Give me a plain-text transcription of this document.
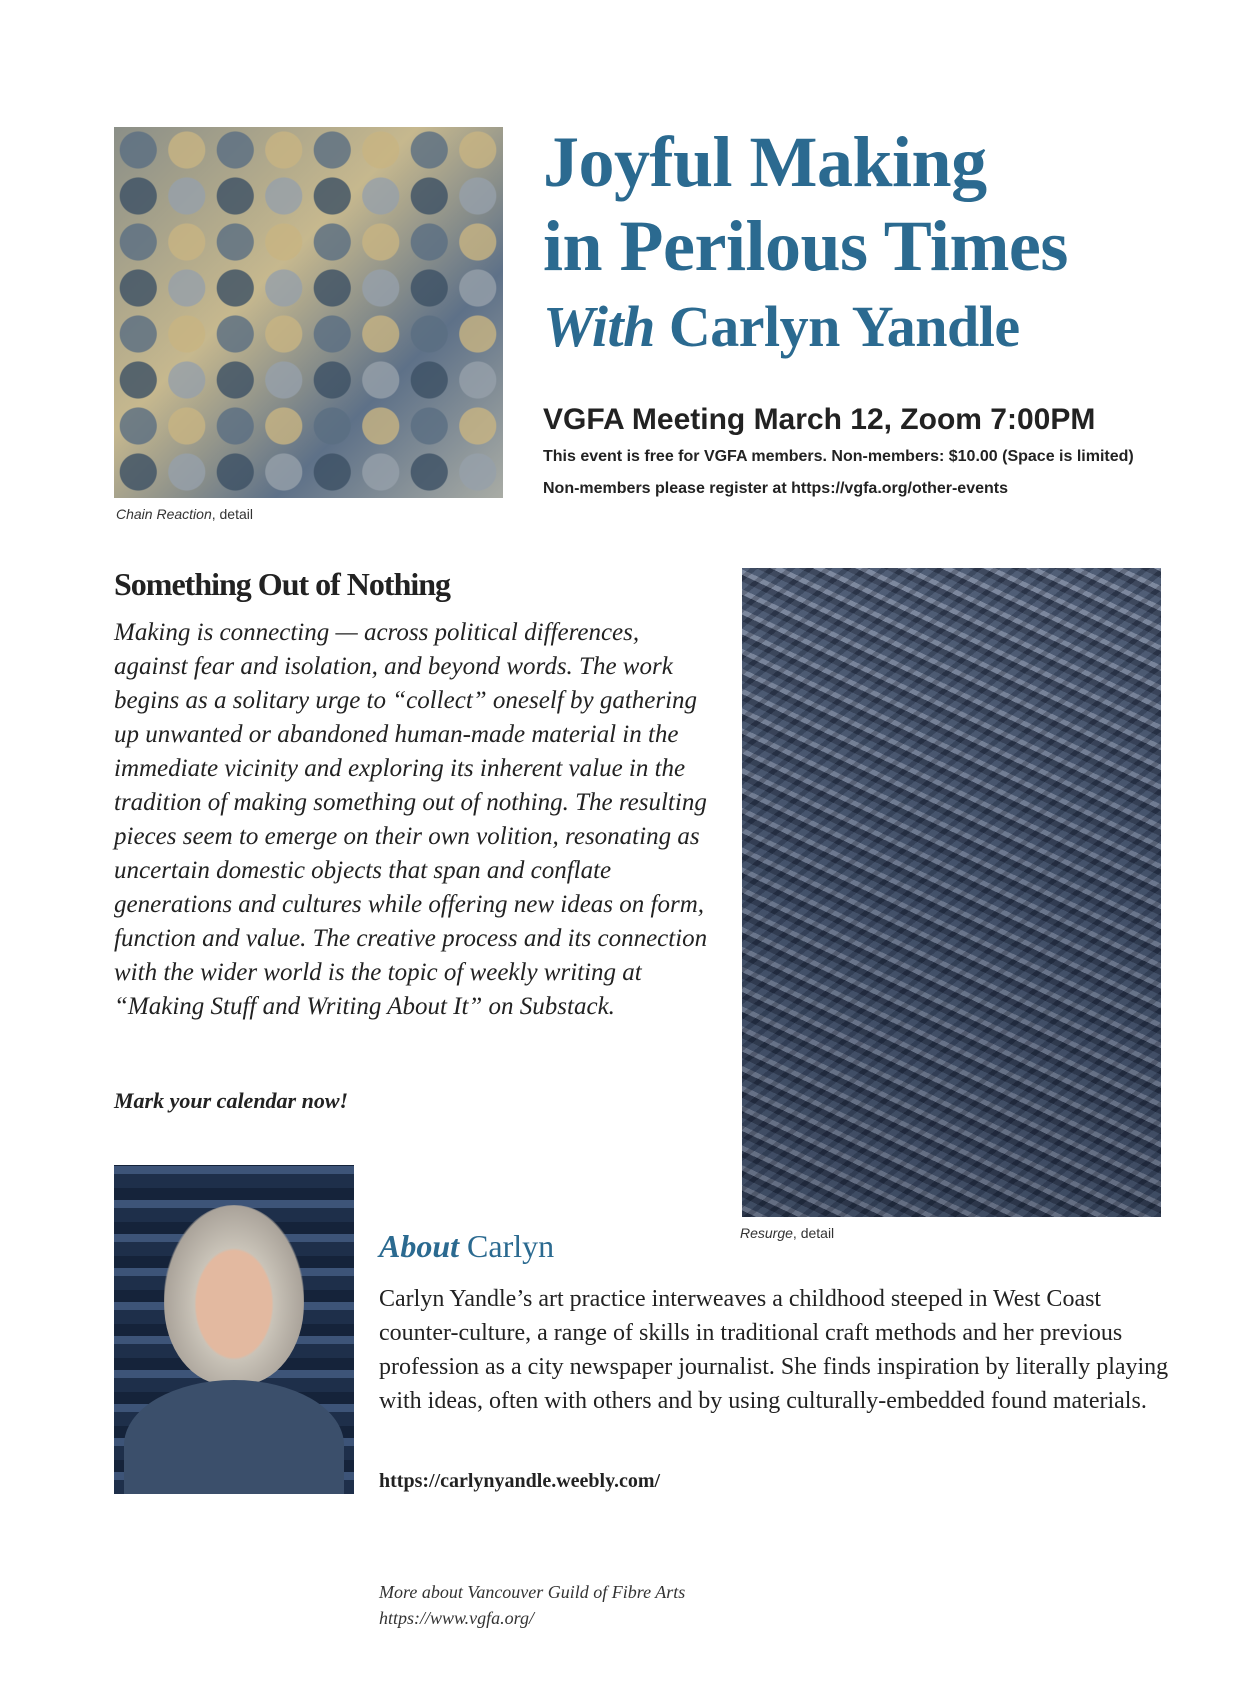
Chain Reaction, detail
Joyful Making
in Perilous Times
With Carlyn Yandle
VGFA Meeting March 12, Zoom 7:00PM
This event is free for VGFA members. Non-members: $10.00 (Space is limited)
Non-members please register at https://vgfa.org/other-events
Something Out of Nothing
Making is connecting — across political differences, against fear and isolation, and beyond words. The work begins as a solitary urge to “collect” oneself by gathering up unwanted or abandoned human-made material in the immediate vicinity and exploring its inherent value in the tradition of making something out of nothing. The resulting pieces seem to emerge on their own volition, resonating as uncertain domestic objects that span and conflate generations and cultures while offering new ideas on form, function and value. The creative process and its connection with the wider world is the topic of weekly writing at “Making Stuff and Writing About It” on Substack.
Mark your calendar now!
Resurge, detail
About Carlyn
Carlyn Yandle’s art practice interweaves a childhood steeped in West Coast counter-culture, a range of skills in traditional craft methods and her previous profession as a city newspaper journalist. She finds inspiration by literally playing with ideas, often with others and by using culturally-embedded found materials.
https://carlynyandle.weebly.com/
More about Vancouver Guild of Fibre Arts
https://www.vgfa.org/
